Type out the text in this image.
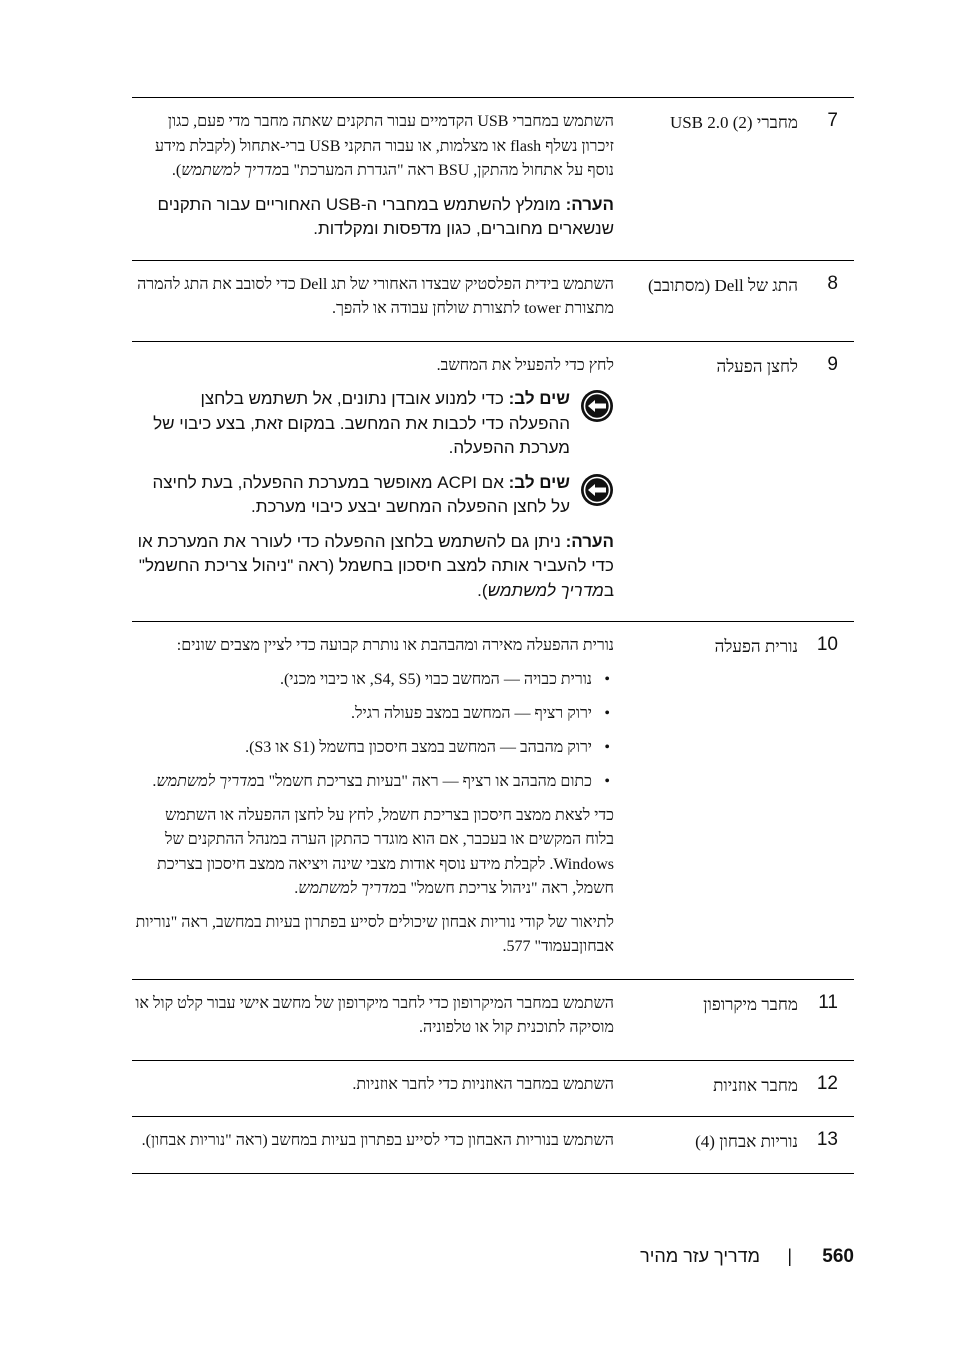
7
מחברי USB 2.0 (2)

השתמש במחברי USB הקדמיים עבור התקנים שאתה מחבר מדי פעם, כגון זיכרון נשלף flash או מצלמות, או עבור התקני USB ברי-אתחול (לקבלת מידע נוסף על אתחול מהתקן, BSU ראה "הגדרת המערכת" במדריך למשתמש).

הערה: מומלץ להשתמש במחברי ה-USB האחוריים עבור התקנים שנשארים מחוברים, כגון מדפסות ומקלדות.
8
התג של Dell (מסתובב)

השתמש בידית הפלסטיק שבצדו האחורי של תג Dell כדי לסובב את התג להמרה מתצורת tower לתצורת שולחן עבודה או להפך.

9
לחצן הפעלה

לחץ כדי להפעיל את המחשב.

שים לב: כדי למנוע אובדן נתונים, אל תשתמש בלחצן ההפעלה כדי לכבות את המחשב. במקום זאת, בצע כיבוי של מערכת ההפעלה.
שים לב: אם ACPI מאופשר במערכת ההפעלה, בעת לחיצה על לחצן ההפעלה המחשב יבצע כיבוי מערכת.
הערה: ניתן גם להשתמש בלחצן ההפעלה כדי לעורר את המערכת או כדי להעביר אותה למצב חיסכון בחשמל (ראה "ניהול צריכת החשמל" במדריך למשתמש).
10
נורית הפעלה

נורית ההפעלה מאירה ומהבהבת או נותרת קבועה כדי לציין מצבים שונים:

• נורית כבויה — המחשב כבוי (S4, S5, או כיבוי מכני).
• ירוק רציף — המחשב במצב פעולה רגיל.
• ירוק מהבהב — המחשב במצב חיסכון בחשמל (S1 או S3).
• כתום מהבהב או רציף — ראה "בעיות בצריכת חשמל" במדריך למשתמש.

כדי לצאת ממצב חיסכון בצריכת חשמל, לחץ על לחצן ההפעלה או השתמש בלוח המקשים או בעכבר, אם הוא מוגדר כהתקן הערה במנהל ההתקנים של Windows. לקבלת מידע נוסף אודות מצבי שינה ויציאה ממצב חיסכון בצריכת חשמל, ראה "ניהול צריכת חשמל" במדריך למשתמש.

לתיאור של קודי נוריות אבחון שיכולים לסייע בפתרון בעיות במחשב, ראה "נוריות אבחוןבעמוד" 577.

11
מחבר מיקרופון

השתמש במחבר המיקרופון כדי לחבר מיקרופון של מחשב אישי עבור קלט קול או מוסיקה לתוכנית קול או טלפוניה.

12
מחבר אוזניות

השתמש במחבר האוזניות כדי לחבר אוזניות.

13
נוריות אבחון (4)

השתמש בנוריות האבחון כדי לסייע בפתרון בעיות במחשב (ראה "נוריות אבחון).

560
|
מדריך עזר מהיר
